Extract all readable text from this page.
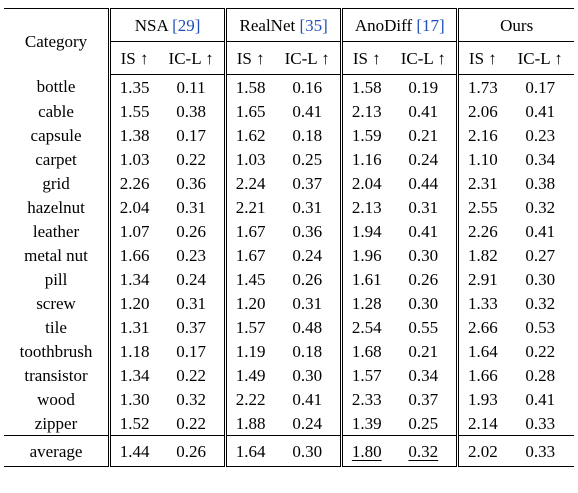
Category	NSA [29]		RealNet [35]		AnoDiff [17]		Ours	
	IS ↑	IC-L ↑	IS ↑	IC-L ↑	IS ↑	IC-L ↑	IS ↑	IC-L ↑
bottle	1.35	0.11	1.58	0.16	1.58	0.19	1.73	0.17
cable	1.55	0.38	1.65	0.41	2.13	0.41	2.06	0.41
capsule	1.38	0.17	1.62	0.18	1.59	0.21	2.16	0.23
carpet	1.03	0.22	1.03	0.25	1.16	0.24	1.10	0.34
grid	2.26	0.36	2.24	0.37	2.04	0.44	2.31	0.38
hazelnut	2.04	0.31	2.21	0.31	2.13	0.31	2.55	0.32
leather	1.07	0.26	1.67	0.36	1.94	0.41	2.26	0.41
metal nut	1.66	0.23	1.67	0.24	1.96	0.30	1.82	0.27
pill	1.34	0.24	1.45	0.26	1.61	0.26	2.91	0.30
screw	1.20	0.31	1.20	0.31	1.28	0.30	1.33	0.32
tile	1.31	0.37	1.57	0.48	2.54	0.55	2.66	0.53
toothbrush	1.18	0.17	1.19	0.18	1.68	0.21	1.64	0.22
transistor	1.34	0.22	1.49	0.30	1.57	0.34	1.66	0.28
wood	1.30	0.32	2.22	0.41	2.33	0.37	1.93	0.41
zipper	1.52	0.22	1.88	0.24	1.39	0.25	2.14	0.33
average	1.44	0.26	1.64	0.30	1.80	0.32	2.02	0.33
